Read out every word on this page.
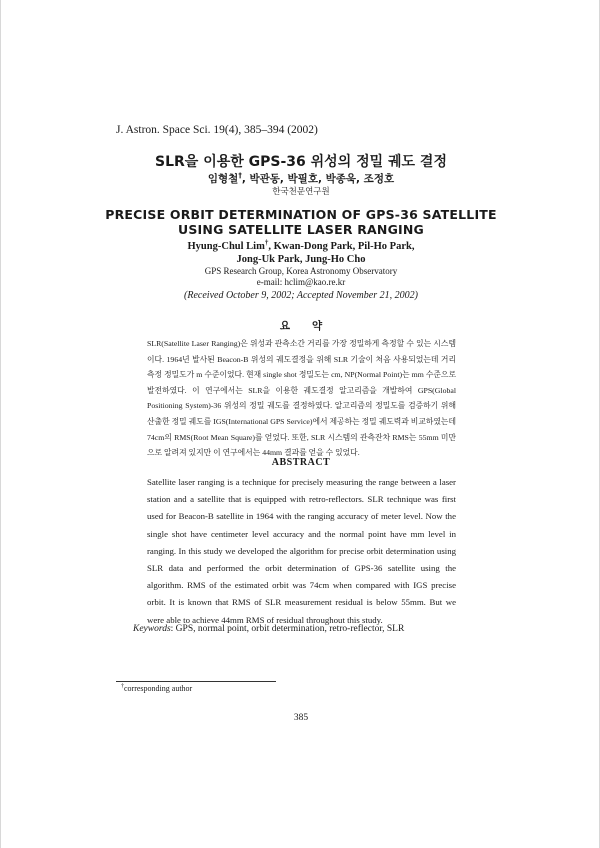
J. Astron. Space Sci. 19(4), 385–394 (2002)
SLR을 이용한 GPS-36 위성의 정밀 궤도 결정
임형철†, 박관동, 박필호, 박종욱, 조정호
한국천문연구원
PRECISE ORBIT DETERMINATION OF GPS-36 SATELLITE
USING SATELLITE LASER RANGING
Hyung-Chul Lim†, Kwan-Dong Park, Pil-Ho Park,
Jong-Uk Park, Jung-Ho Cho
GPS Research Group, Korea Astronomy Observatory
e-mail: hclim@kao.re.kr
(Received October 9, 2002; Accepted November 21, 2002)
요약

SLR(Satellite Laser Ranging)은 위성과 관측소간 거리를 가장 정밀하게 측정할 수 있는 시스템이다. 1964년 발사된 Beacon-B 위성의 궤도결정을 위해 SLR 기술이 처음 사용되었는데 거리측정 정밀도가 m 수준이었다. 현재 single shot 정밀도는 cm, NP(Normal Point)는 mm 수준으로 발전하였다. 이 연구에서는 SLR을 이용한 궤도결정 알고리즘을 개발하여 GPS(Global Positioning System)-36 위성의 정밀 궤도를 결정하였다. 알고리즘의 정밀도를 검증하기 위해 산출한 정밀 궤도를 IGS(International GPS Service)에서 제공하는 정밀 궤도력과 비교하였는데 74cm의 RMS(Root Mean Square)를 얻었다. 또한, SLR 시스템의 관측잔차 RMS는 55mm 미만으로 알려져 있지만 이 연구에서는 44mm 결과를 얻을 수 있었다.

ABSTRACT

Satellite laser ranging is a technique for precisely measuring the range between a laser station and a satellite that is equipped with retro-reflectors. SLR technique was first used for Beacon-B satellite in 1964 with the ranging accuracy of meter level. Now the single shot have centimeter level accuracy and the normal point have mm level in ranging. In this study we developed the algorithm for precise orbit determination using SLR data and performed the orbit determination of GPS-36 satellite using the algorithm. RMS of the estimated orbit was 74cm when compared with IGS precise orbit. It is known that RMS of SLR measurement residual is below 55mm. But we were able to achieve 44mm RMS of residual throughout this study.

Keywords: GPS, normal point, orbit determination, retro-reflector, SLR
†corresponding author
385
